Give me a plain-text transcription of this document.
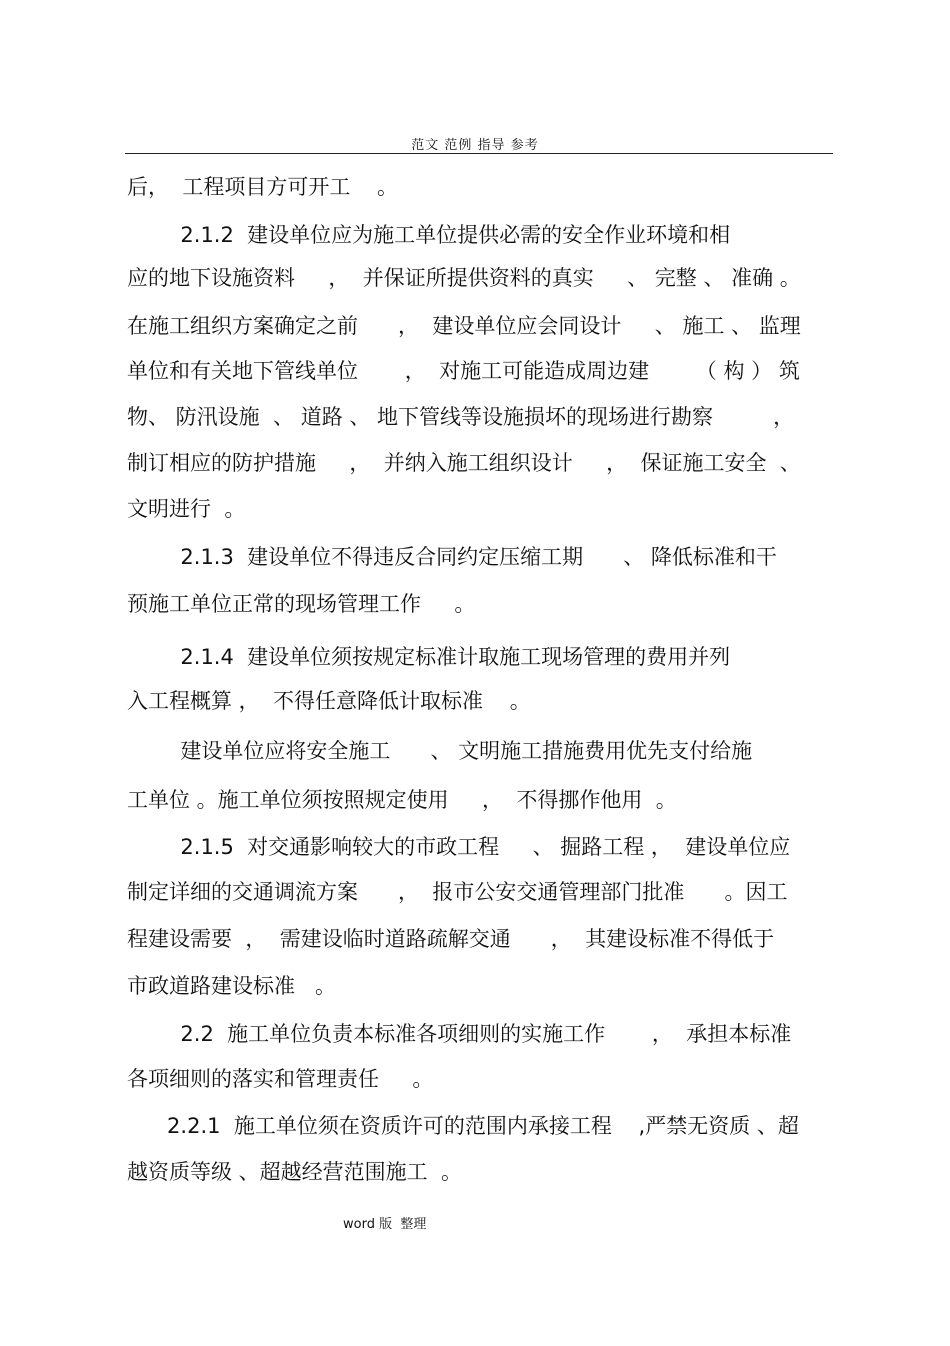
范文 范例 指导 参考
后，  工程项目方可开工    。
2.1.2  建设单位应为施工单位提供必需的安全作业环境和相
应的地下设施资料     ，  并保证所提供资料的真实     、 完整 、 准确 。
在施工组织方案确定之前      ，  建设单位应会同设计     、 施工 、 监理
单位和有关地下管线单位       ，  对施工可能造成周边建       （ 构 ） 筑
物、 防汛设施  、 道路 、 地下管线等设施损坏的现场进行勘察         ，
制订相应的防护措施     ，  并纳入施工组织设计     ，  保证施工安全  、
文明进行  。
2.1.3  建设单位不得违反合同约定压缩工期      、 降低标准和干
预施工单位正常的现场管理工作     。
2.1.4  建设单位须按规定标准计取施工现场管理的费用并列
入工程概算 ，  不得任意降低计取标准    。
建设单位应将安全施工      、 文明施工措施费用优先支付给施
工单位 。施工单位须按照规定使用     ，  不得挪作他用  。
2.1.5  对交通影响较大的市政工程     、 掘路工程 ，  建设单位应
制定详细的交通调流方案      ，  报市公安交通管理部门批准      。因工
程建设需要  ，  需建设临时道路疏解交通      ，  其建设标准不得低于
市政道路建设标准   。
2.2  施工单位负责本标准各项细则的实施工作       ，  承担本标准
各项细则的落实和管理责任     。
2.2.1  施工单位须在资质许可的范围内承接工程    ,严禁无资质 、超
越资质等级 、超越经营范围施工  。
word 版  整理
